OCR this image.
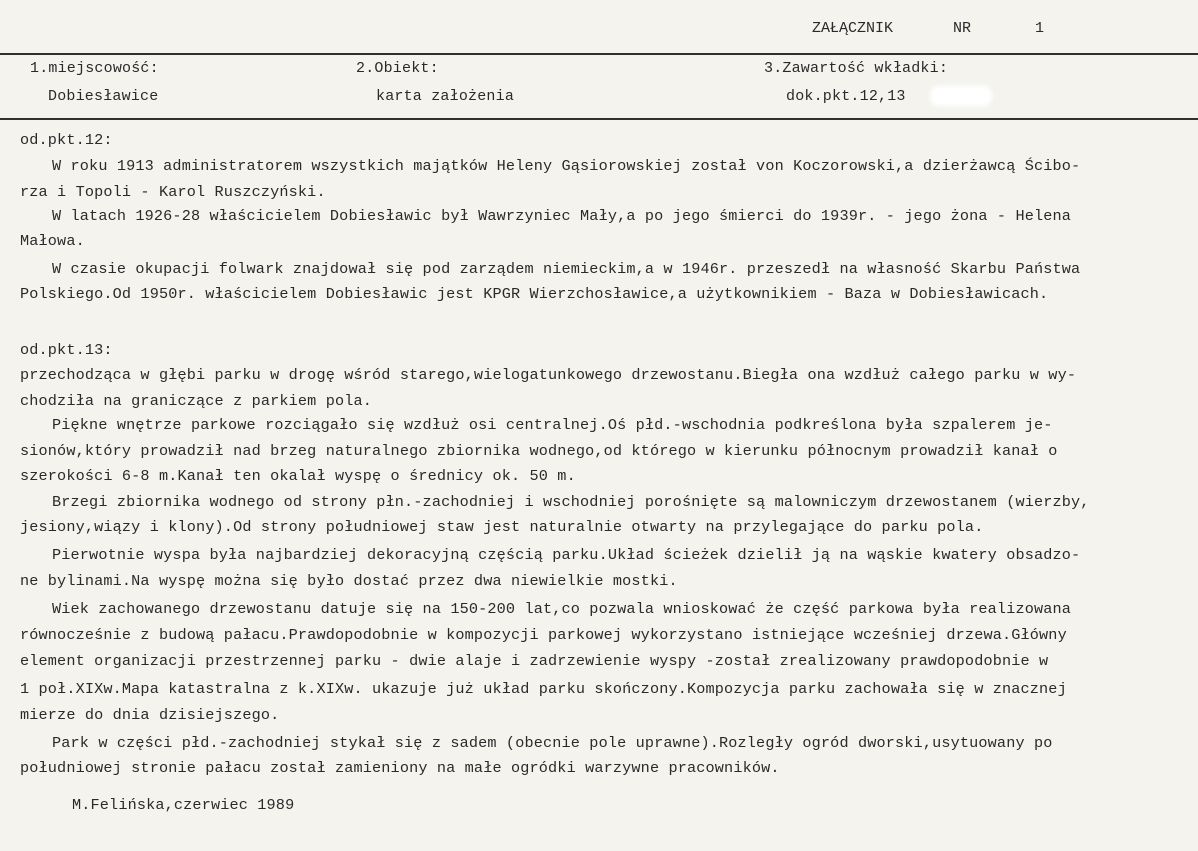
ZAŁĄCZNIK	NR	1
1.miejscowość:
Dobiesławice
2.Obiekt:
karta założenia
3.Zawartość wkładki:
dok.pkt.12,13
od.pkt.12:
W roku 1913 administratorem wszystkich majątków Heleny Gąsiorowskiej został von Koczorowski,a dzierżawcą Ścibo-
rza i Topoli - Karol Ruszczyński.
W latach 1926-28 właścicielem Dobiesławic był Wawrzyniec Mały,a po jego śmierci do 1939r. - jego żona - Helena
Małowa.
W czasie okupacji folwark znajdował się pod zarządem niemieckim,a w 1946r. przeszedł na własność Skarbu Państwa
Polskiego.Od 1950r. właścicielem Dobiesławic jest KPGR Wierzchosławice,a użytkownikiem - Baza w Dobiesławicach.
od.pkt.13:
przechodząca w głębi parku w drogę wśród starego,wielogatunkowego drzewostanu.Biegła ona wzdłuż całego parku w wy-
chodziła na graniczące z parkiem pola.
Piękne wnętrze parkowe rozciągało się wzdłuż osi centralnej.Oś płd.-wschodnia podkreślona była szpalerem je-
sionów,który prowadził nad brzeg naturalnego zbiornika wodnego,od którego w kierunku północnym prowadził kanał o
szerokości 6-8 m.Kanał ten okalał wyspę o średnicy ok. 50 m.
Brzegi zbiornika wodnego od strony płn.-zachodniej i wschodniej porośnięte są malowniczym drzewostanem (wierzby,
jesiony,wiązy i klony).Od strony południowej staw jest naturalnie otwarty na przylegające do parku pola.
Pierwotnie wyspa była najbardziej dekoracyjną częścią parku.Układ ścieżek dzielił ją na wąskie kwatery obsadzo-
ne bylinami.Na wyspę można się było dostać przez dwa niewielkie mostki.
Wiek zachowanego drzewostanu datuje się na 150-200 lat,co pozwala wnioskować że część parkowa była realizowana
równocześnie z budową pałacu.Prawdopodobnie w kompozycji parkowej wykorzystano istniejące wcześniej drzewa.Główny
element organizacji przestrzennej parku - dwie alaje i zadrzewienie wyspy -został zrealizowany prawdopodobnie w
1 poł.XIXw.Mapa katastralna z k.XIXw. ukazuje już układ parku skończony.Kompozycja parku zachowała się w znacznej
mierze do dnia dzisiejszego.
Park w części płd.-zachodniej stykał się z sadem (obecnie pole uprawne).Rozległy ogród dworski,usytuowany po
południowej stronie pałacu został zamieniony na małe ogródki warzywne pracowników.
M.Felińska,czerwiec 1989
